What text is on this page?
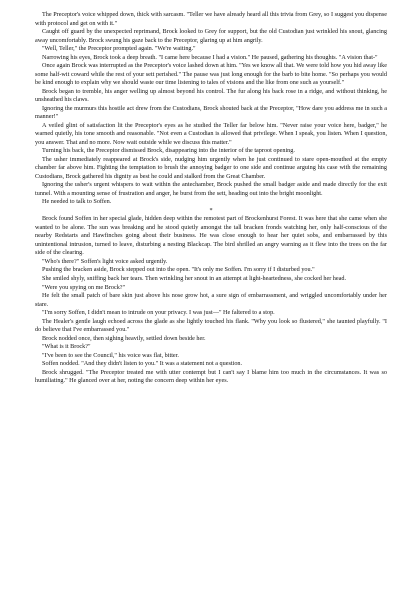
The Preceptor's voice whipped down, thick with sarcasm. "Teller we have already heard all this trivia from Grey, so I suggest you dispense with protocol and get on with it."

Caught off guard by the unexpected reprimand, Brock looked to Grey for support, but the old Custodian just wrinkled his snout, glancing away uncomfortably. Brock swung his gaze back to the Preceptor, glaring up at him angrily.

"Well, Teller," the Preceptor prompted again. "We're waiting."

Narrowing his eyes, Brock took a deep breath. "I came here because I had a vision." He paused, gathering his thoughts. "A vision that-"

Once again Brock was interrupted as the Preceptor's voice lashed down at him. "Yes we know all that. We were told how you hid away like some half-wit coward while the rest of your sett perished." The pause was just long enough for the barb to bite home. "So perhaps you would be kind enough to explain why we should waste our time listening to tales of visions and the like from one such as yourself."

Brock began to tremble, his anger welling up almost beyond his control. The fur along his back rose in a ridge, and without thinking, he unsheathed his claws.

Ignoring the murmurs this hostile act drew from the Custodians, Brock shouted back at the Preceptor, "How dare you address me in such a manner!"

A veiled glint of satisfaction lit the Preceptor's eyes as he studied the Teller far below him. "Never raise your voice here, badger," he warned quietly, his tone smooth and reasonable. "Not even a Custodian is allowed that privilege. When I speak, you listen. When I question, you answer. That and no more. Now wait outside while we discuss this matter."

Turning his back, the Preceptor dismissed Brock, disappearing into the interior of the taproot opening.

The usher immediately reappeared at Brock's side, nudging him urgently when he just continued to stare open-mouthed at the empty chamber far above him. Fighting the temptation to brush the annoying badger to one side and continue arguing his case with the remaining Custodians, Brock gathered his dignity as best he could and stalked from the Great Chamber.

Ignoring the usher's urgent whispers to wait within the antechamber, Brock pushed the small badger aside and made directly for the exit tunnel. With a mounting sense of frustration and anger, he burst from the sett, heading out into the bright moonlight.

He needed to talk to Soffen.

*

Brock found Soffen in her special glade, hidden deep within the remotest part of Brockenhurst Forest. It was here that she came when she wanted to be alone. The sun was breaking and he stood quietly amongst the tall bracken fronds watching her, only half-conscious of the nearby Redstarts and Hawfinches going about their business. He was close enough to hear her quiet sobs, and embarrassed by this unintentional intrusion, turned to leave, disturbing a nesting Blackcap. The bird shrilled an angry warning as it flew into the trees on the far side of the clearing.

"Who's there?" Soffen's light voice asked urgently.

Pushing the bracken aside, Brock stepped out into the open. "It's only me Soffen. I'm sorry if I disturbed you."

She smiled shyly, sniffing back her tears. Then wrinkling her snout in an attempt at light-heartedness, she cocked her head.

"Were you spying on me Brock?"

He felt the small patch of bare skin just above his nose grow hot, a sure sign of embarrassment, and wriggled uncomfortably under her stare.

"I'm sorry Soffen, I didn't mean to intrude on your privacy. I was just—" He faltered to a stop.

The Healer's gentle laugh echoed across the glade as she lightly touched his flank. "Why you look so flustered," she taunted playfully. "I do believe that I've embarrassed you."

Brock nodded once, then sighing heavily, settled down beside her.

"What is it Brock?"

"I've been to see the Council," his voice was flat, bitter.

Soffen nodded. "And they didn't listen to you." It was a statement not a question.

Brock shrugged. "The Preceptor treated me with utter contempt but I can't say I blame him too much in the circumstances. It was so humiliating." He glanced over at her, noting the concern deep within her eyes.
